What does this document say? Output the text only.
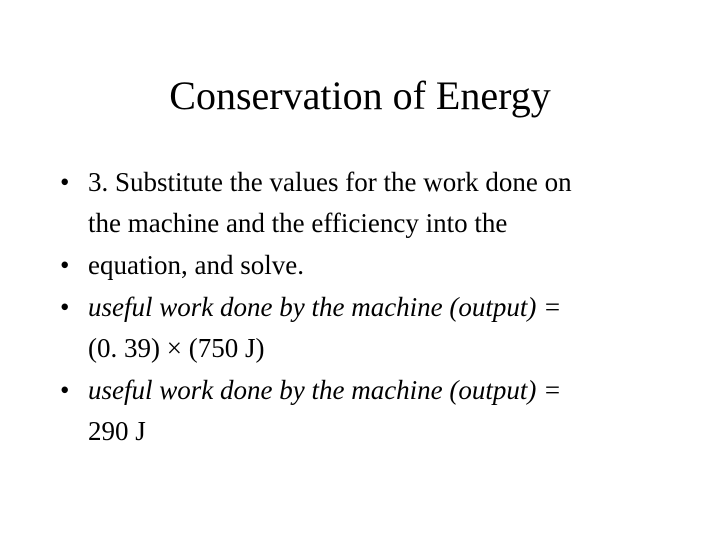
Conservation of Energy
• 3. Substitute the values for the work done on
the machine and the efficiency into the
• equation, and solve.
• useful work done by the machine (output) =
(0. 39) × (750 J)
• useful work done by the machine (output) =
290 J
